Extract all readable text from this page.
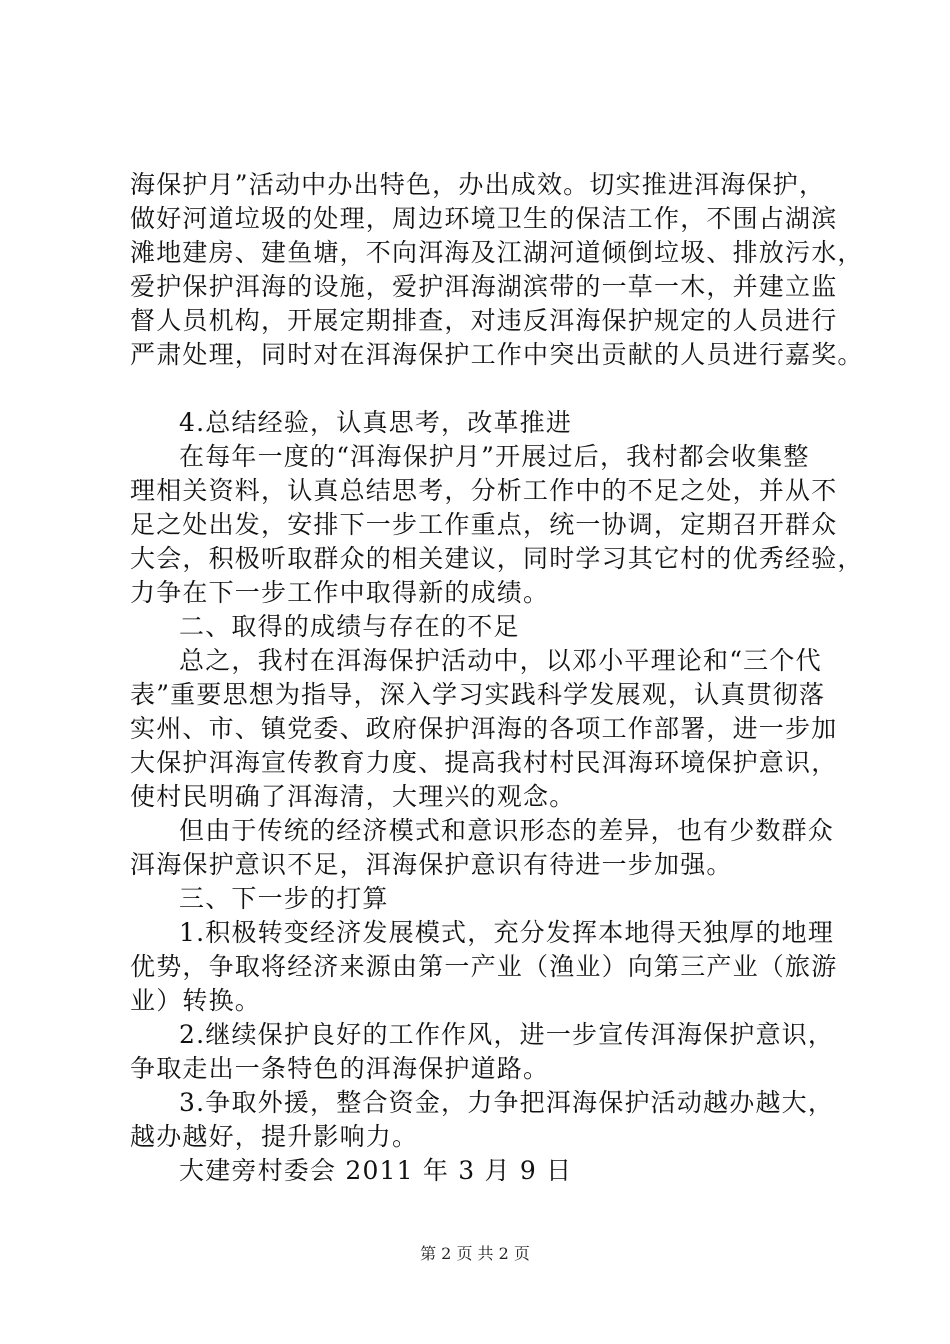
海保护月”活动中办出特色，办出成效。切实推进洱海保护，
做好河道垃圾的处理，周边环境卫生的保洁工作，不围占湖滨
滩地建房、建鱼塘，不向洱海及江湖河道倾倒垃圾、排放污水，
爱护保护洱海的设施，爱护洱海湖滨带的一草一木，并建立监
督人员机构，开展定期排查，对违反洱海保护规定的人员进行
严肃处理，同时对在洱海保护工作中突出贡献的人员进行嘉奖。
4.总结经验，认真思考，改革推进
在每年一度的“洱海保护月”开展过后，我村都会收集整
理相关资料，认真总结思考，分析工作中的不足之处，并从不
足之处出发，安排下一步工作重点，统一协调，定期召开群众
大会，积极听取群众的相关建议，同时学习其它村的优秀经验，
力争在下一步工作中取得新的成绩。
二、取得的成绩与存在的不足
总之，我村在洱海保护活动中，以邓小平理论和“三个代
表”重要思想为指导，深入学习实践科学发展观，认真贯彻落
实州、市、镇党委、政府保护洱海的各项工作部署，进一步加
大保护洱海宣传教育力度、提高我村村民洱海环境保护意识，
使村民明确了洱海清，大理兴的观念。
但由于传统的经济模式和意识形态的差异，也有少数群众
洱海保护意识不足，洱海保护意识有待进一步加强。
三、下一步的打算
1.积极转变经济发展模式，充分发挥本地得天独厚的地理
优势，争取将经济来源由第一产业（渔业）向第三产业（旅游
业）转换。
2.继续保护良好的工作作风，进一步宣传洱海保护意识，
争取走出一条特色的洱海保护道路。
3.争取外援，整合资金，力争把洱海保护活动越办越大，
越办越好，提升影响力。
大建旁村委会 2011 年 3 月 9 日
第 2 页 共 2 页
